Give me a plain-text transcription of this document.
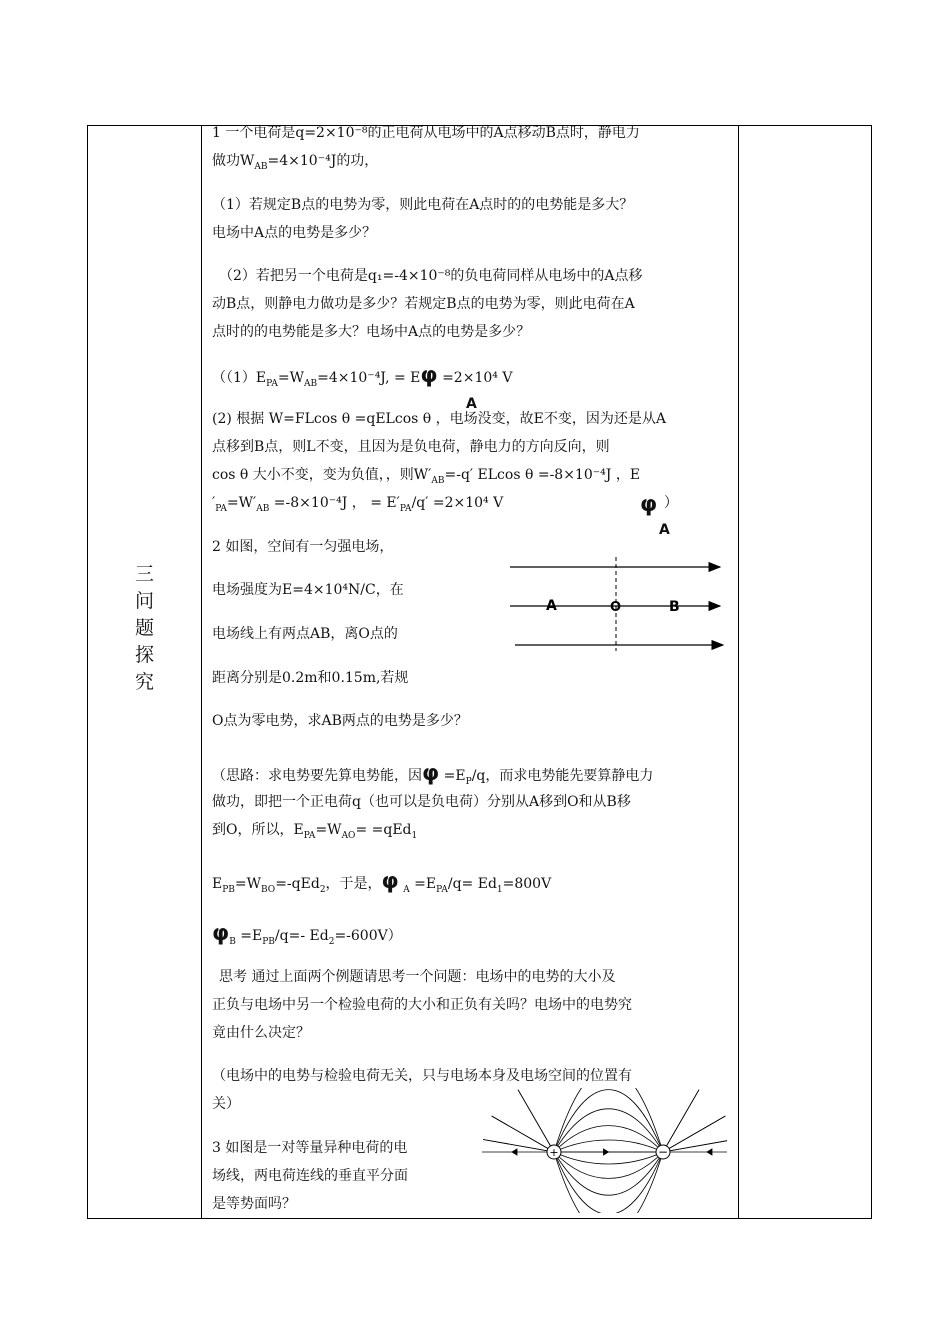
三
问
题
探
究
1 一个电荷是q=2×10⁻⁸的正电荷从电场中的A点移动B点时，静电力
做功$W_{AB}=4\times 10^{-4}J$的功，
（1）若规定B点的电势为零，则此电荷在A点时的的电势能是多大？
电场中A点的电势是多少？
（2）若把另一个电荷是q₁=-4×10⁻⁸的负电荷同样从电场中的A点移
动B点，则静电力做功是多少？若规定B点的电势为零，则此电荷在A
点时的的电势能是多大？电场中A点的电势是多少？
（$(1)E_{PA}=W_{AB}=4\times 10^{-4}J$, = Eφ =2×10⁴ V
A
(2) 根据 W=FLcos θ =qELcos θ ，电场没变，故E不变，因为还是从A
点移到B点，则L不变，且因为是负电荷，静电力的方向反向，则
cos θ 大小不变，变为负值，，则$W'_{AB}=-q'$ ELcos θ =-8×10⁻⁴J ，E
$'_{PA}=W'_{AB} =-8\times 10^{-4}J$ ， = $E'_{PA}/q' =2\times 10^4$ V	φ ）
A
2 如图，空间有一匀强电场，
电场强度为E=4×10⁴N/C，在
电场线上有两点AB，离O点的
距离分别是0.2m和0.15m,若规
O点为零电势，求AB两点的电势是多少？
A	O	B
（思路：求电势要先算电势能，因$\varphi =E_P/q$，而求电势能先要算静电力
做功，即把一个正电荷q（也可以是负电荷）分别从A移到O和从B移
到O，所以，$E_{PA}=W_{AO}= =qEd_1$
$E_{PB}=W_{BO}=-qEd_2$，于是，φ $_A =E_{PA}/q= Ed_1=800V$
$\varphi_B =E_{PB}/q=-$ $Ed_2=-600V$）
思考 通过上面两个例题请思考一个问题：电场中的电势的大小及
正负与电场中另一个检验电荷的大小和正负有关吗？电场中的电势究
竟由什么决定？
（电场中的电势与检验电荷无关，只与电场本身及电场空间的位置有
关）
3 如图是一对等量异种电荷的电
场线，两电荷连线的垂直平分面
是等势面吗？
+	−
